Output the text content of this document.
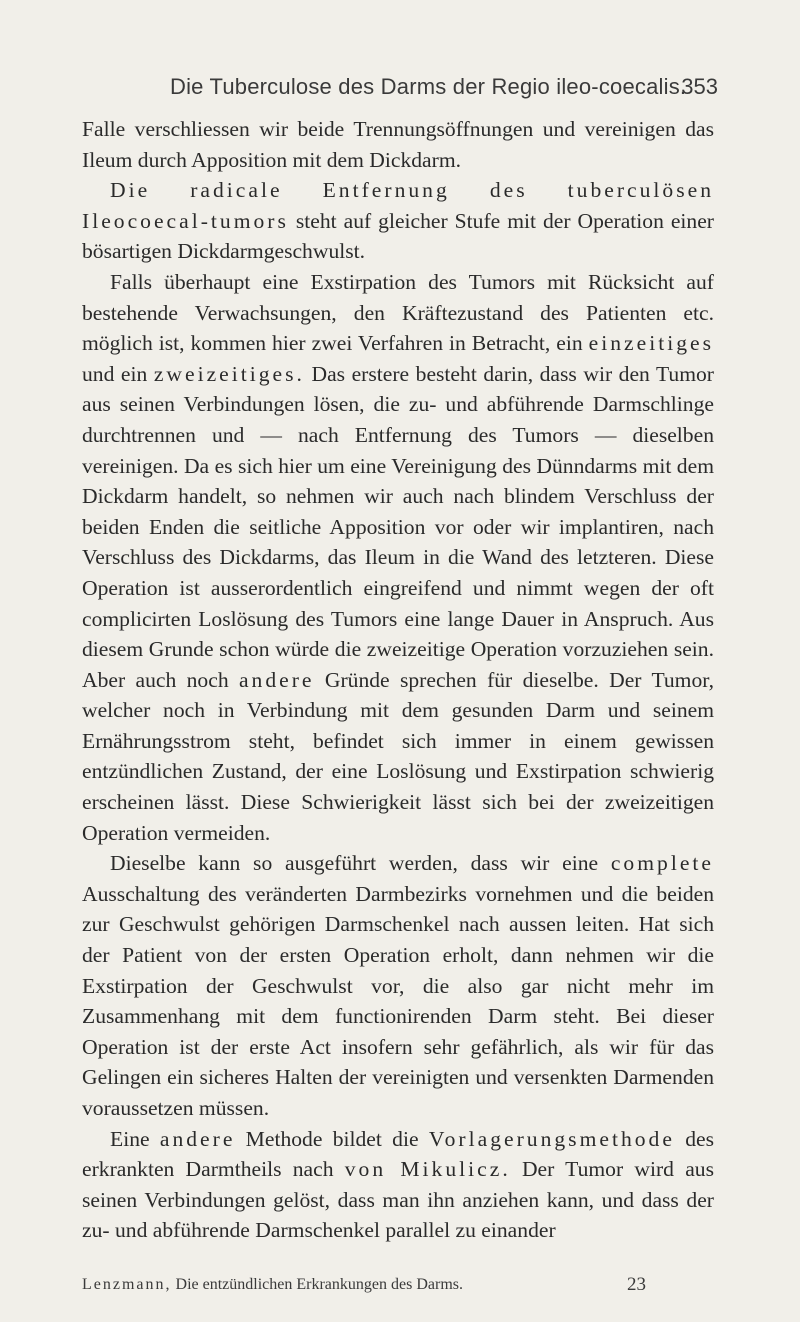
Die Tuberculose des Darms der Regio ileo-coecalis.
353

Falle verschliessen wir beide Trennungsöffnungen und vereinigen das Ileum durch Apposition mit dem Dickdarm.

Die radicale Entfernung des tuberculösen Ileocoecal-tumors steht auf gleicher Stufe mit der Operation einer bösartigen Dickdarmgeschwulst.

Falls überhaupt eine Exstirpation des Tumors mit Rücksicht auf bestehende Verwachsungen, den Kräftezustand des Patienten etc. möglich ist, kommen hier zwei Verfahren in Betracht, ein einzeitiges und ein zweizeitiges. Das erstere besteht darin, dass wir den Tumor aus seinen Verbindungen lösen, die zu- und abführende Darmschlinge durchtrennen und — nach Entfernung des Tumors — dieselben vereinigen. Da es sich hier um eine Vereinigung des Dünndarms mit dem Dickdarm handelt, so nehmen wir auch nach blindem Verschluss der beiden Enden die seitliche Apposition vor oder wir implantiren, nach Verschluss des Dickdarms, das Ileum in die Wand des letzteren. Diese Operation ist ausserordentlich eingreifend und nimmt wegen der oft complicirten Loslösung des Tumors eine lange Dauer in Anspruch. Aus diesem Grunde schon würde die zweizeitige Operation vorzuziehen sein. Aber auch noch andere Gründe sprechen für dieselbe. Der Tumor, welcher noch in Verbindung mit dem gesunden Darm und seinem Ernährungsstrom steht, befindet sich immer in einem gewissen entzündlichen Zustand, der eine Loslösung und Exstirpation schwierig erscheinen lässt. Diese Schwierigkeit lässt sich bei der zweizeitigen Operation vermeiden.

Dieselbe kann so ausgeführt werden, dass wir eine complete Ausschaltung des veränderten Darmbezirks vornehmen und die beiden zur Geschwulst gehörigen Darmschenkel nach aussen leiten. Hat sich der Patient von der ersten Operation erholt, dann nehmen wir die Exstirpation der Geschwulst vor, die also gar nicht mehr im Zusammenhang mit dem functionirenden Darm steht. Bei dieser Operation ist der erste Act insofern sehr gefährlich, als wir für das Gelingen ein sicheres Halten der vereinigten und versenkten Darmenden voraussetzen müssen.

Eine andere Methode bildet die Vorlagerungsmethode des erkrankten Darmtheils nach von Mikulicz. Der Tumor wird aus seinen Verbindungen gelöst, dass man ihn anziehen kann, und dass der zu- und abführende Darmschenkel parallel zu einander

Lenzmann, Die entzündlichen Erkrankungen des Darms.	23
